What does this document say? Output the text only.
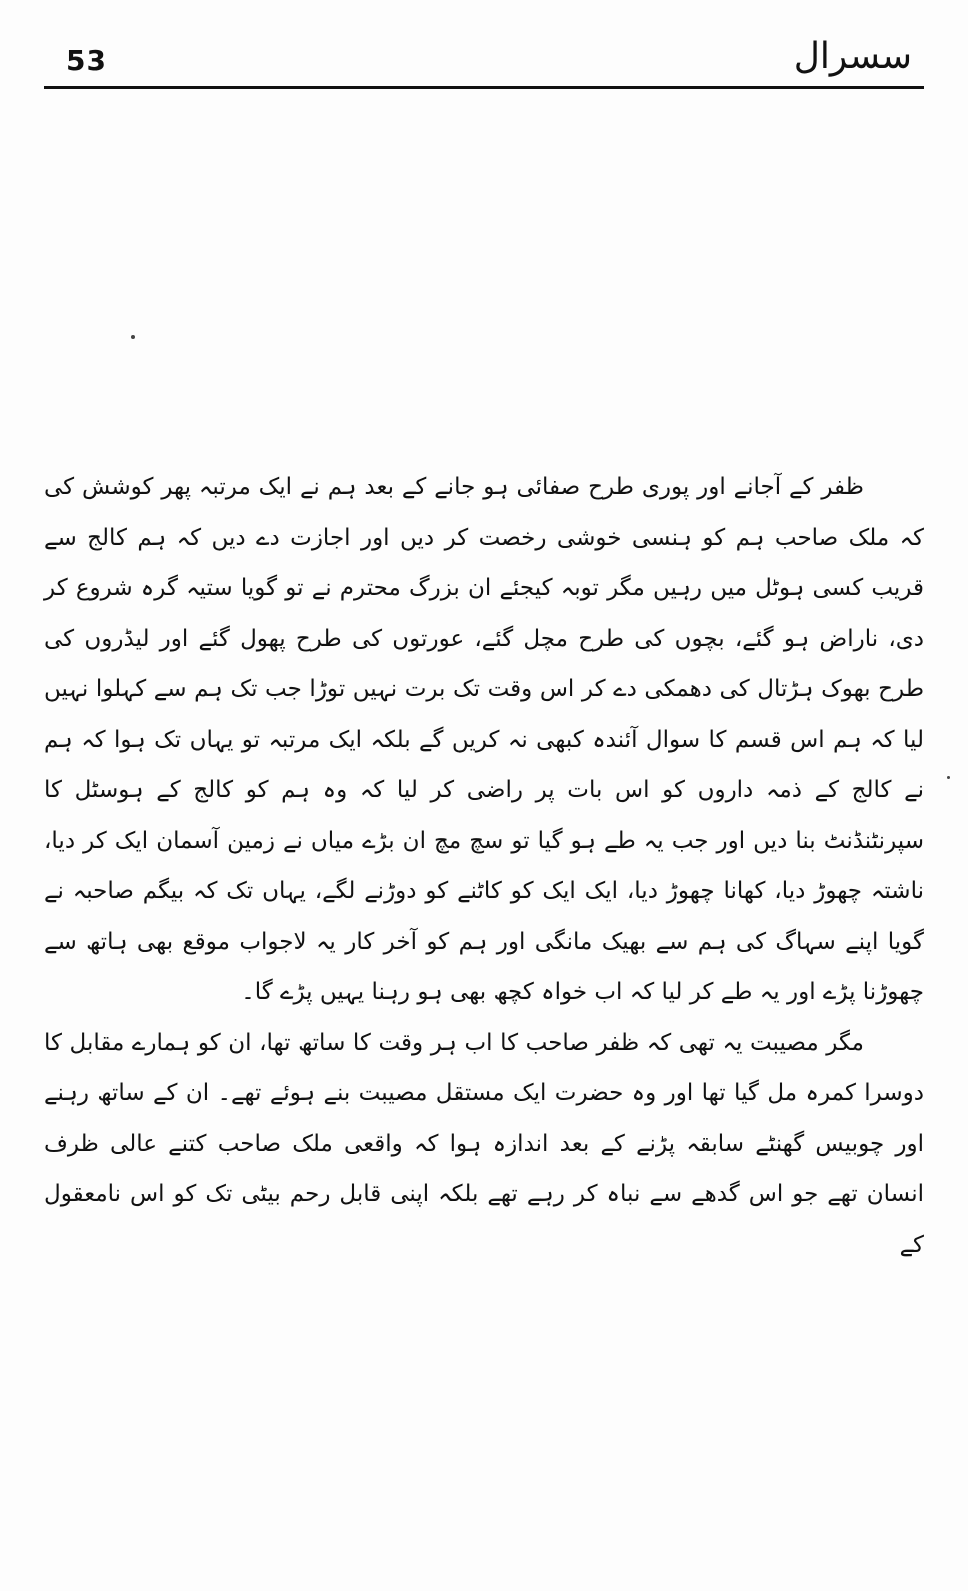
53	سسرال

ظفر کے آجانے اور پوری طرح صفائی ہو جانے کے بعد ہم نے ایک مرتبہ پھر کوشش کی کہ ملک صاحب ہم کو ہنسی خوشی رخصت کر دیں اور اجازت دے دیں کہ ہم کالج سے قریب کسی ہوٹل میں رہیں مگر توبہ کیجئے ان بزرگ محترم نے تو گویا ستیہ گرہ شروع کر دی، ناراض ہو گئے، بچوں کی طرح مچل گئے، عورتوں کی طرح پھول گئے اور لیڈروں کی طرح بھوک ہڑتال کی دھمکی دے کر اس وقت تک برت نہیں توڑا جب تک ہم سے کہلوا نہیں لیا کہ ہم اس قسم کا سوال آئندہ کبھی نہ کریں گے بلکہ ایک مرتبہ تو یہاں تک ہوا کہ ہم نے کالج کے ذمہ داروں کو اس بات پر راضی کر لیا کہ وہ ہم کو کالج کے ہوسٹل کا سپرنٹنڈنٹ بنا دیں اور جب یہ طے ہو گیا تو سچ مچ ان بڑے میاں نے زمین آسمان ایک کر دیا، ناشتہ چھوڑ دیا، کھانا چھوڑ دیا، ایک ایک کو کاٹنے کو دوڑنے لگے، یہاں تک کہ بیگم صاحبہ نے گویا اپنے سہاگ کی ہم سے بھیک مانگی اور ہم کو آخر کار یہ لاجواب موقع بھی ہاتھ سے چھوڑنا پڑے اور یہ طے کر لیا کہ اب خواہ کچھ بھی ہو رہنا یہیں پڑے گا۔

مگر مصیبت یہ تھی کہ ظفر صاحب کا اب ہر وقت کا ساتھ تھا، ان کو ہمارے مقابل کا دوسرا کمرہ مل گیا تھا اور وہ حضرت ایک مستقل مصیبت بنے ہوئے تھے۔ ان کے ساتھ رہنے اور چوبیس گھنٹے سابقہ پڑنے کے بعد اندازہ ہوا کہ واقعی ملک صاحب کتنے عالی ظرف انسان تھے جو اس گدھے سے نباہ کر رہے تھے بلکہ اپنی قابل رحم بیٹی تک کو اس نامعقول کے
